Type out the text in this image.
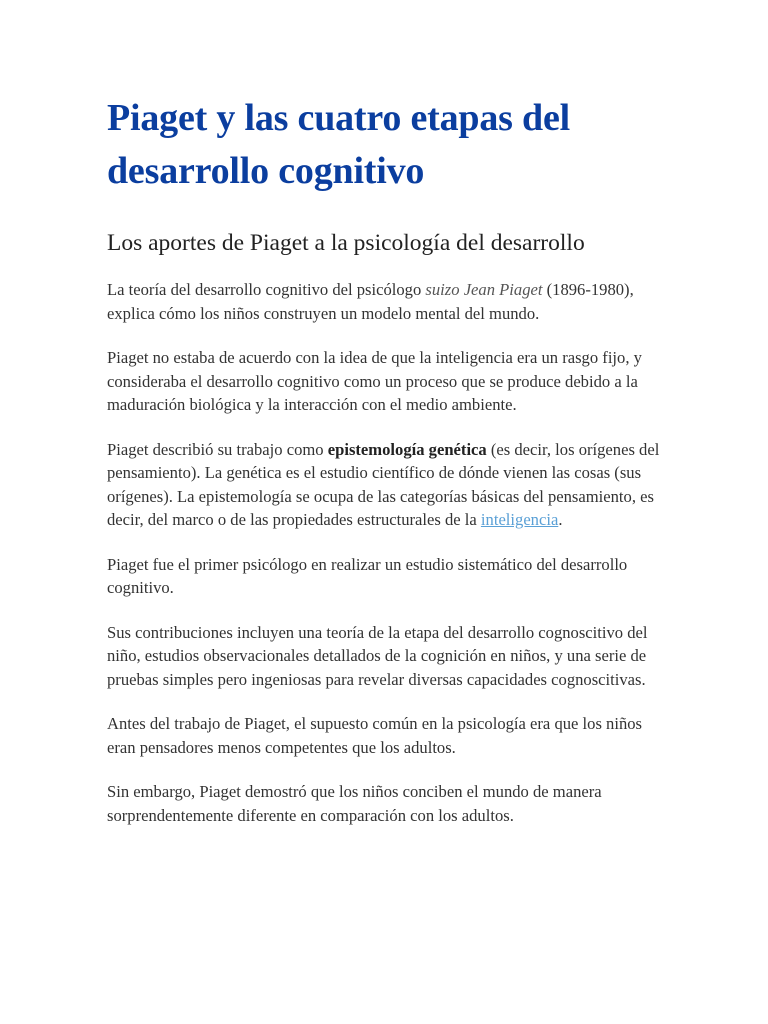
Piaget y las cuatro etapas del desarrollo cognitivo
Los aportes de Piaget a la psicología del desarrollo

La teoría del desarrollo cognitivo del psicólogo suizo Jean Piaget (1896-1980), explica cómo los niños construyen un modelo mental del mundo.

Piaget no estaba de acuerdo con la idea de que la inteligencia era un rasgo fijo, y consideraba el desarrollo cognitivo como un proceso que se produce debido a la maduración biológica y la interacción con el medio ambiente.

Piaget describió su trabajo como epistemología genética (es decir, los orígenes del pensamiento). La genética es el estudio científico de dónde vienen las cosas (sus orígenes). La epistemología se ocupa de las categorías básicas del pensamiento, es decir, del marco o de las propiedades estructurales de la inteligencia.

Piaget fue el primer psicólogo en realizar un estudio sistemático del desarrollo cognitivo.

Sus contribuciones incluyen una teoría de la etapa del desarrollo cognoscitivo del niño, estudios observacionales detallados de la cognición en niños, y una serie de pruebas simples pero ingeniosas para revelar diversas capacidades cognoscitivas.

Antes del trabajo de Piaget, el supuesto común en la psicología era que los niños eran pensadores menos competentes que los adultos.

Sin embargo, Piaget demostró que los niños conciben el mundo de manera sorprendentemente diferente en comparación con los adultos.
